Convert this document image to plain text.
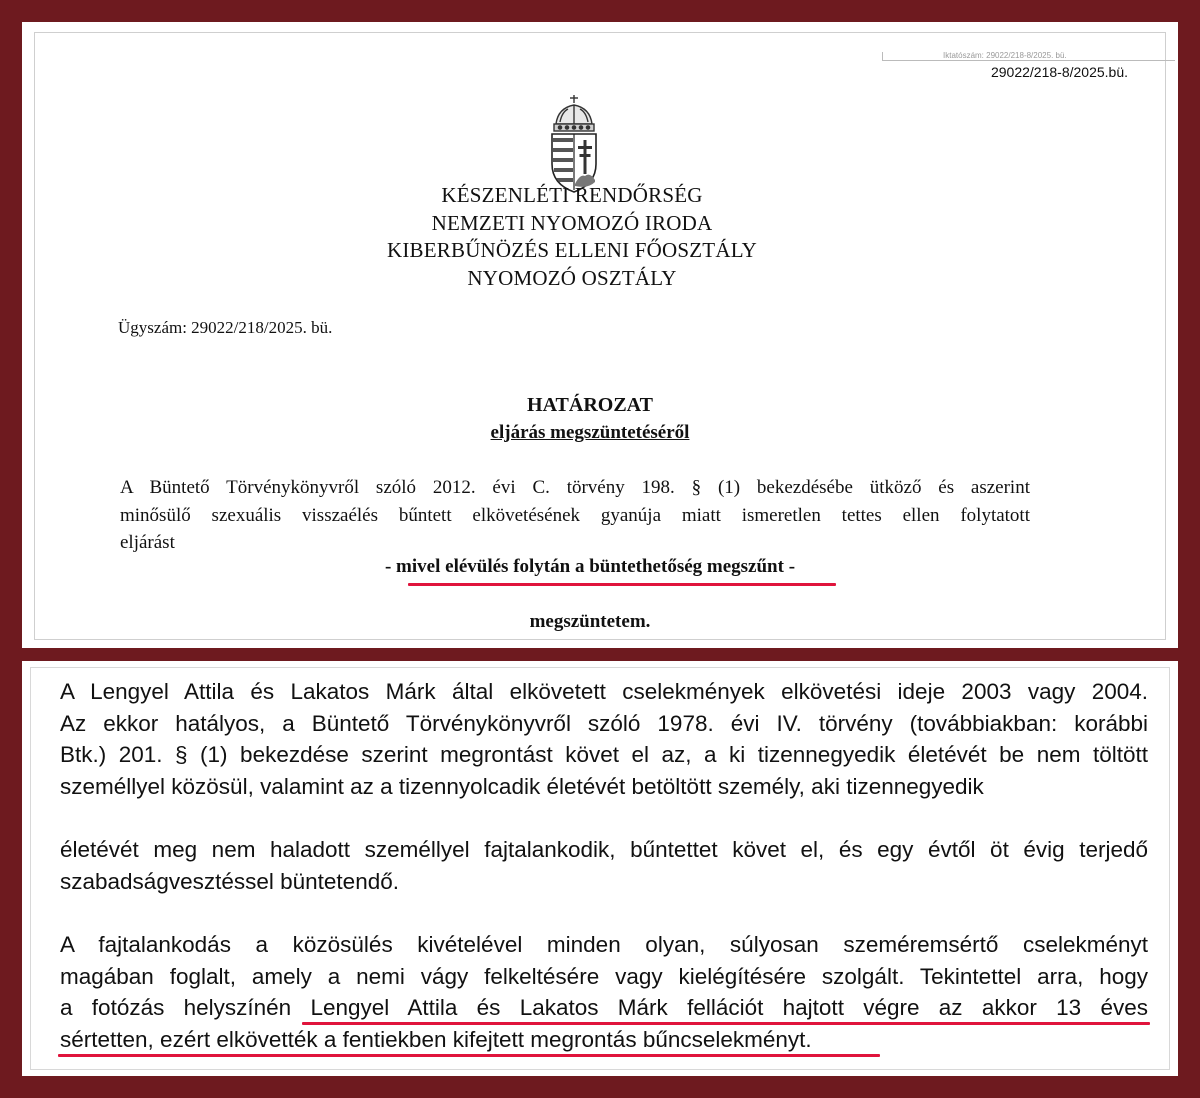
Iktatószám: 29022/218-8/2025. bü.
29022/218-8/2025.bü.
KÉSZENLÉTI RENDŐRSÉG
NEMZETI NYOMOZÓ IRODA
KIBERBŰNÖZÉS ELLENI FŐOSZTÁLY
NYOMOZÓ OSZTÁLY
Ügyszám: 29022/218/2025. bü.
HATÁROZAT
eljárás megszüntetéséről
A Büntető Törvénykönyvről szóló 2012. évi C. törvény 198. § (1) bekezdésébe ütköző és aszerint
minősülő szexuális visszaélés bűntett elkövetésének gyanúja miatt ismeretlen tettes ellen folytatott
eljárást
- mivel elévülés folytán a büntethetőség megszűnt -
megszüntetem.
A Lengyel Attila és Lakatos Márk által elkövetett cselekmények elkövetési ideje 2003 vagy 2004.
Az ekkor hatályos, a Büntető Törvénykönyvről szóló 1978. évi IV. törvény (továbbiakban: korábbi
Btk.) 201. § (1) bekezdése szerint megrontást követ el az, a ki tizennegyedik életévét be nem töltött
személlyel közösül, valamint az a tizennyolcadik életévét betöltött személy, aki tizennegyedik
életévét meg nem haladott személlyel fajtalankodik, bűntettet követ el, és egy évtől öt évig terjedő
szabadságvesztéssel büntetendő.
A fajtalankodás a közösülés kivételével minden olyan, súlyosan szeméremsértő cselekményt
magában foglalt, amely a nemi vágy felkeltésére vagy kielégítésére szolgált. Tekintettel arra, hogy
a fotózás helyszínén Lengyel Attila és Lakatos Márk fellációt hajtott végre az akkor 13 éves
sértetten, ezért elkövették a fentiekben kifejtett megrontás bűncselekményt.
